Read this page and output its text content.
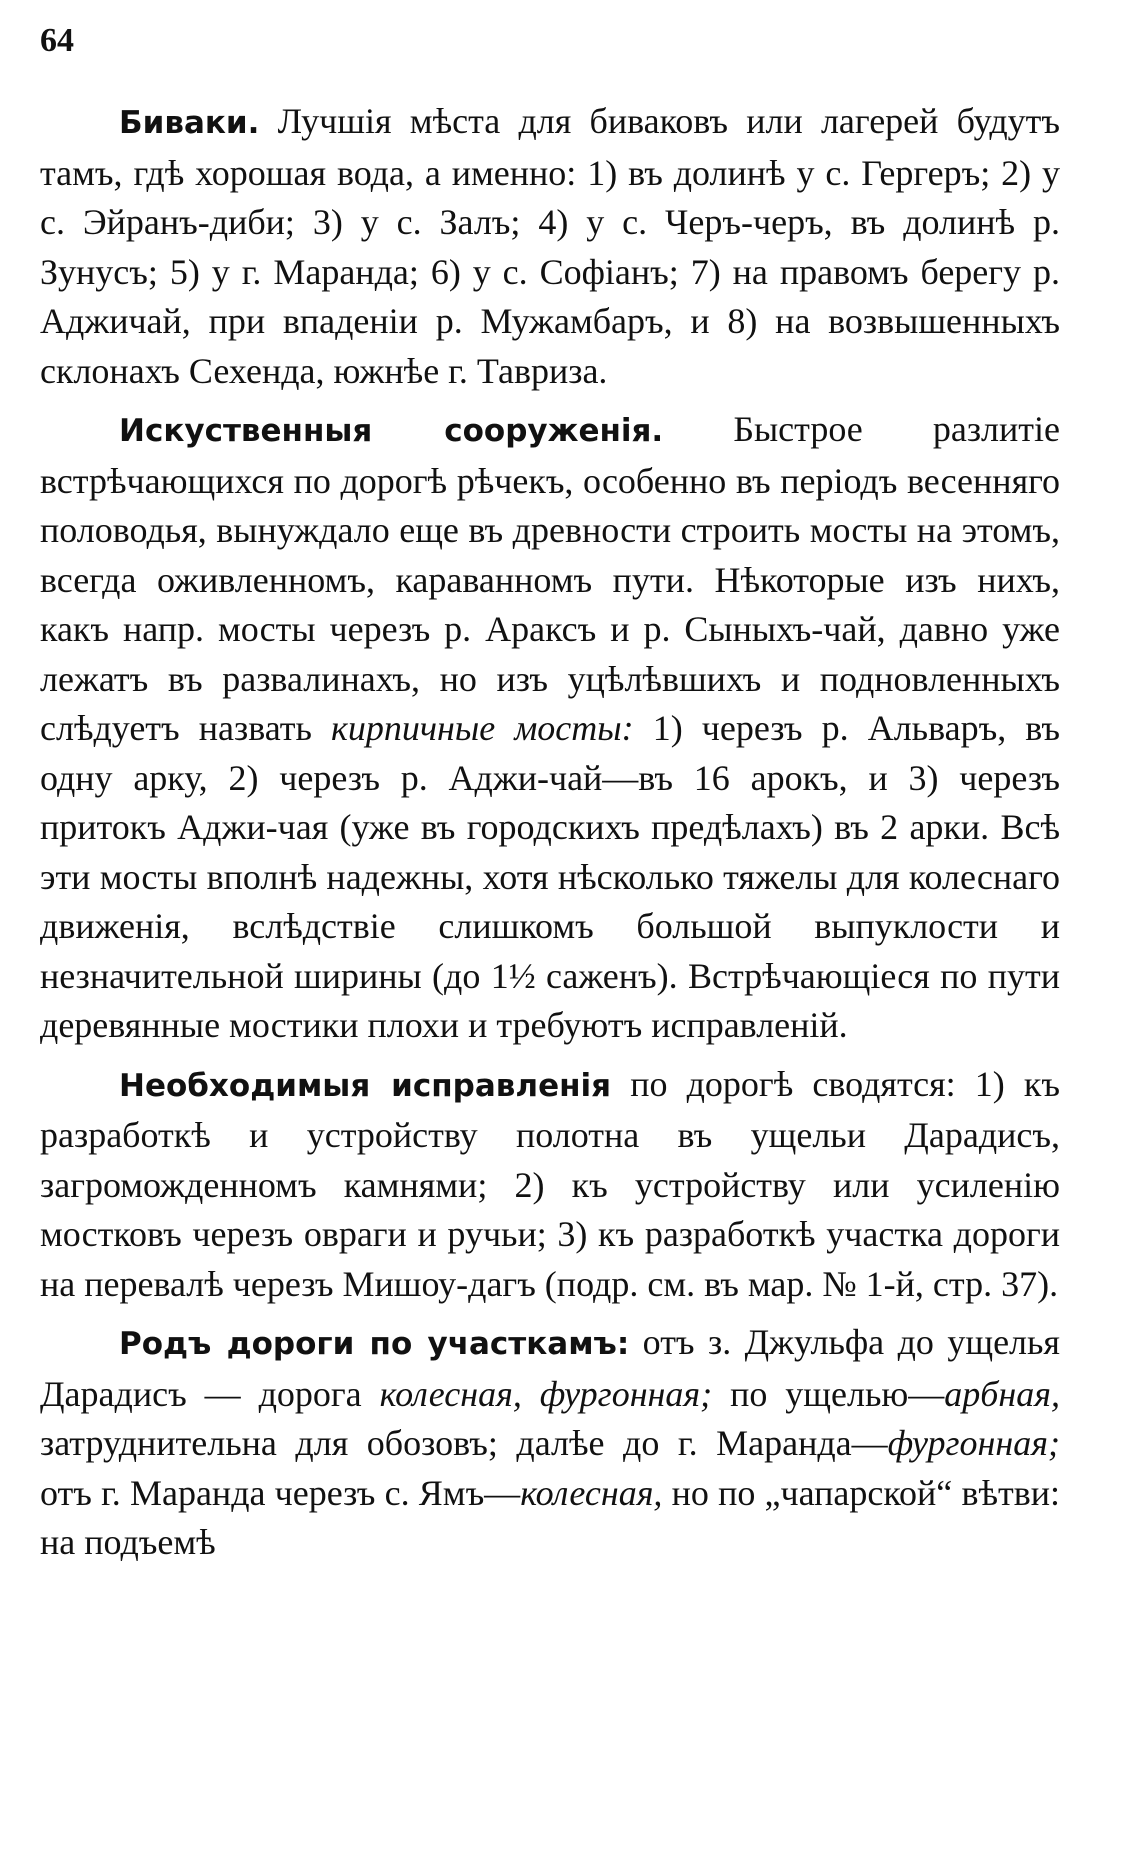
64

Биваки. Лучшія мѣста для биваковъ или лагерей будутъ тамъ, гдѣ хорошая вода, а именно: 1) въ долинѣ у с. Гергеръ; 2) у с. Эйранъ-диби; 3) у с. Залъ; 4) у с. Черъ-черъ, въ долинѣ р. Зунусъ; 5) у г. Маранда; 6) у с. Софіанъ; 7) на правомъ берегу р. Аджичай, при впаденіи р. Мужамбаръ, и 8) на возвышенныхъ склонахъ Сехенда, южнѣе г. Тавриза.

Искуственныя сооруженія. Быстрое разлитіе встрѣчающихся по дорогѣ рѣчекъ, особенно въ періодъ весенняго половодья, вынуждало еще въ древности строить мосты на этомъ, всегда оживленномъ, караванномъ пути. Нѣкоторые изъ нихъ, какъ напр. мосты черезъ р. Араксъ и р. Сыныхъ-чай, давно уже лежатъ въ развалинахъ, но изъ уцѣлѣвшихъ и подновленныхъ слѣдуетъ назвать кирпичные мосты: 1) черезъ р. Альваръ, въ одну арку, 2) черезъ р. Аджи-чай—въ 16 арокъ, и 3) черезъ притокъ Аджи-чая (уже въ городскихъ предѣлахъ) въ 2 арки. Всѣ эти мосты вполнѣ надежны, хотя нѣсколько тяжелы для колеснаго движенія, вслѣдствіе слишкомъ большой выпуклости и незначительной ширины (до 1½ саженъ). Встрѣчающіеся по пути деревянные мостики плохи и требуютъ исправленій.

Необходимыя исправленія по дорогѣ сводятся: 1) къ разработкѣ и устройству полотна въ ущельи Дарадисъ, загроможденномъ камнями; 2) къ устройству или усиленію мостковъ черезъ овраги и ручьи; 3) къ разработкѣ участка дороги на перевалѣ черезъ Мишоу-дагъ (подр. см. въ мар. № 1-й, стр. 37).

Родъ дороги по участкамъ: отъ з. Джульфа до ущелья Дарадисъ — дорога колесная, фургонная; по ущелью—арбная, затруднительна для обозовъ; далѣе до г. Маранда—фургонная; отъ г. Маранда черезъ с. Ямъ—колесная, но по „чапарской“ вѣтви: на подъемѣ
